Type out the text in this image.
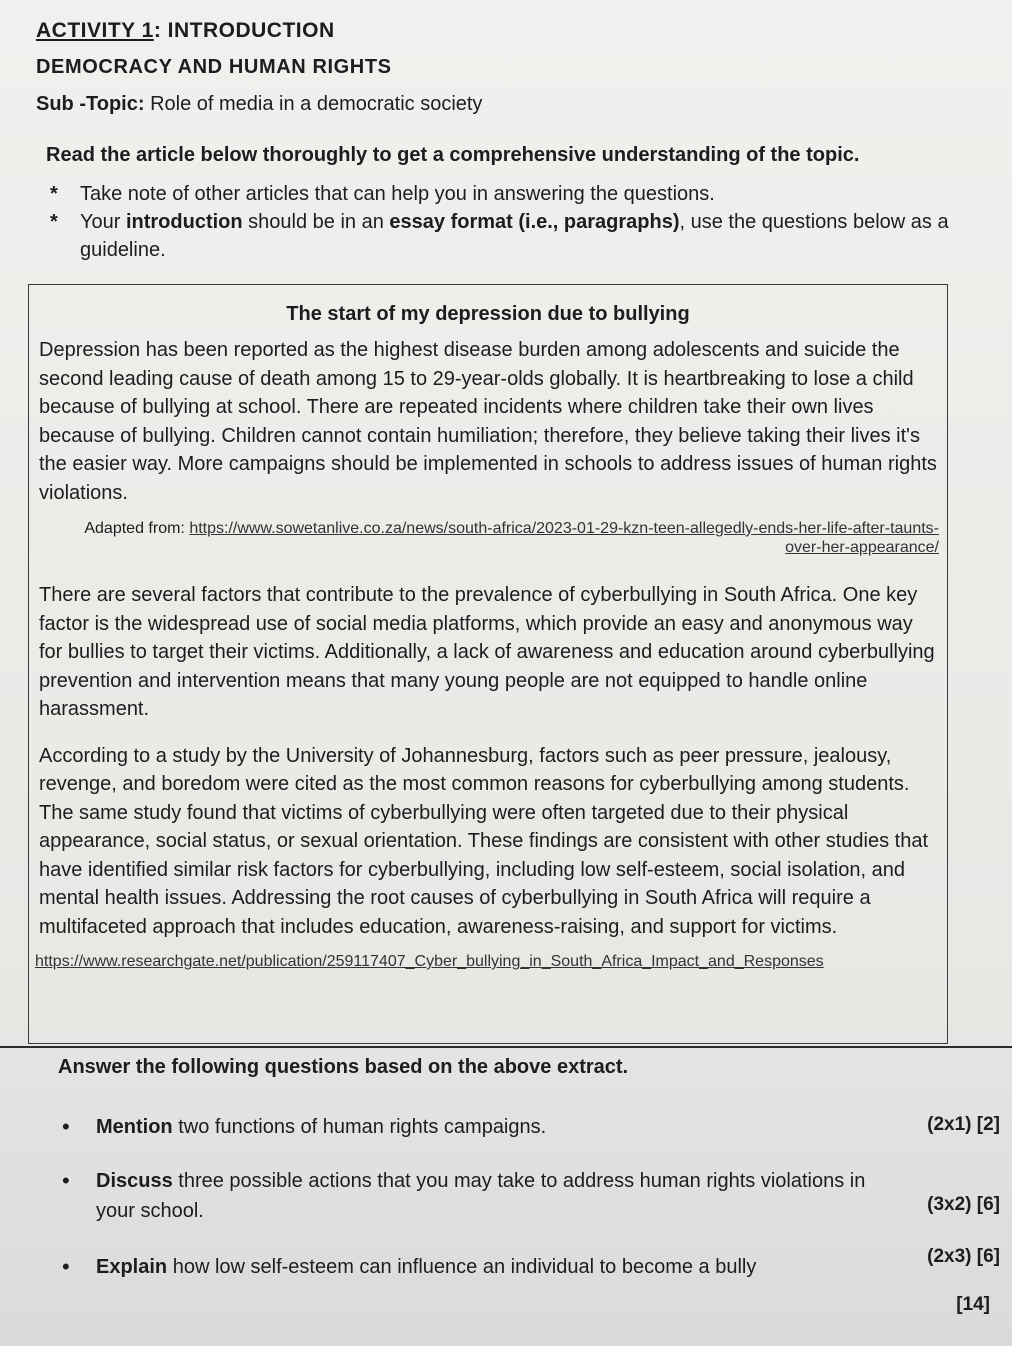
ACTIVITY 1: INTRODUCTION
DEMOCRACY AND HUMAN RIGHTS
Sub -Topic: Role of media in a democratic society
Read the article below thoroughly to get a comprehensive understanding of the topic.
* Take note of other articles that can help you in answering the questions.
* Your introduction should be in an essay format (i.e., paragraphs), use the questions below as a guideline.
The start of my depression due to bullying

Depression has been reported as the highest disease burden among adolescents and suicide the second leading cause of death among 15 to 29-year-olds globally. It is heartbreaking to lose a child because of bullying at school. There are repeated incidents where children take their own lives because of bullying. Children cannot contain humiliation; therefore, they believe taking their lives it's the easier way. More campaigns should be implemented in schools to address issues of human rights violations.

Adapted from: https://www.sowetanlive.co.za/news/south-africa/2023-01-29-kzn-teen-allegedly-ends-her-life-after-taunts-over-her-appearance/

There are several factors that contribute to the prevalence of cyberbullying in South Africa. One key factor is the widespread use of social media platforms, which provide an easy and anonymous way for bullies to target their victims. Additionally, a lack of awareness and education around cyberbullying prevention and intervention means that many young people are not equipped to handle online harassment.

According to a study by the University of Johannesburg, factors such as peer pressure, jealousy, revenge, and boredom were cited as the most common reasons for cyberbullying among students. The same study found that victims of cyberbullying were often targeted due to their physical appearance, social status, or sexual orientation. These findings are consistent with other studies that have identified similar risk factors for cyberbullying, including low self-esteem, social isolation, and mental health issues. Addressing the root causes of cyberbullying in South Africa will require a multifaceted approach that includes education, awareness-raising, and support for victims.

https://www.researchgate.net/publication/259117407_Cyber_bullying_in_South_Africa_Impact_and_Responses
Answer the following questions based on the above extract.
• Mention two functions of human rights campaigns.	(2x1) [2]
• Discuss three possible actions that you may take to address human rights violations in your school.	(3x2) [6]
• Explain how low self-esteem can influence an individual to become a bully	(2x3) [6]
[14]
